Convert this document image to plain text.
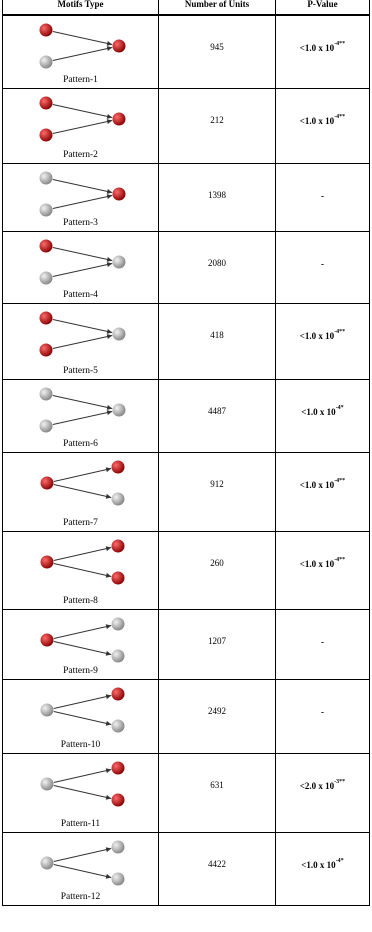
Motifs Type	Number of Units	P-Value
Pattern-1
945	<1.0 x $10^{-4**}$
Pattern-2
212	<1.0 x $10^{-4**}$
Pattern-3
1398	-
Pattern-4
2080	-
Pattern-5
418	<1.0 x $10^{-4**}$
Pattern-6
4487	<1.0 x $10^{-4*}$
Pattern-7
912	<1.0 x $10^{-4**}$
Pattern-8
260	<1.0 x $10^{-4**}$
Pattern-9
1207	-
Pattern-10
2492	-
Pattern-11
631	<2.0 x $10^{-3**}$
Pattern-12
4422	<1.0 x $10^{-4*}$
